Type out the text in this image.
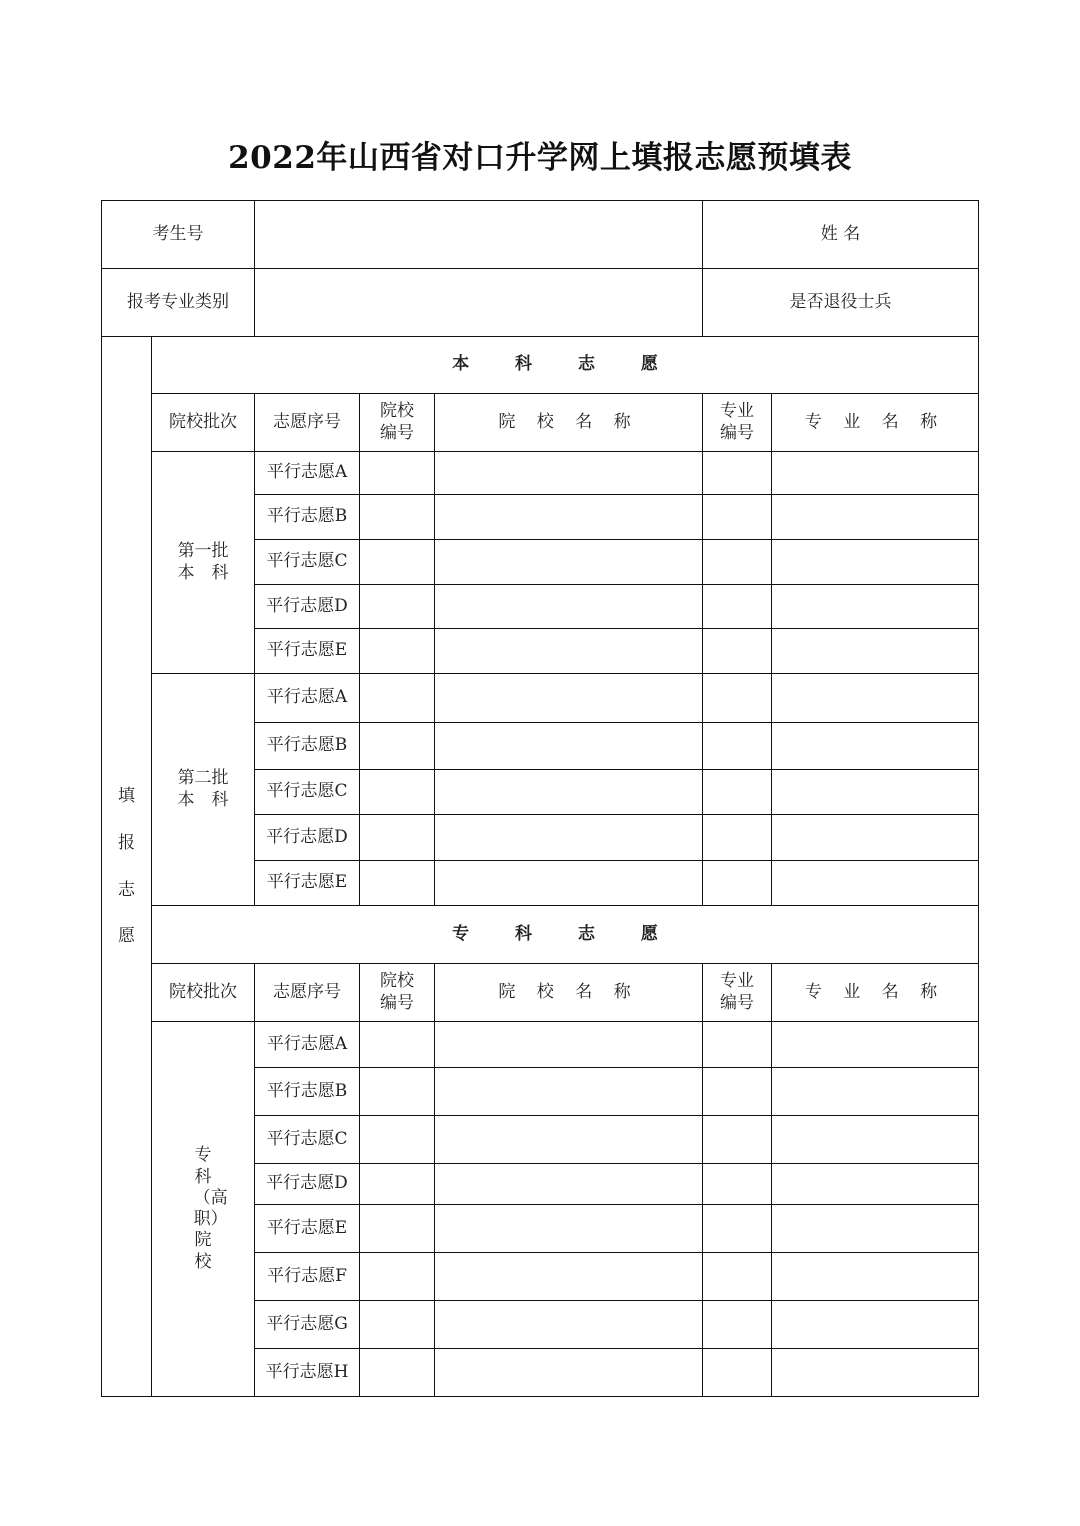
2022年山西省对口升学网上填报志愿预填表
考生号					姓 名	
报考专业类别					是否退役士兵	
填报志愿	本 科 志 愿					
	院校批次	志愿序号	院校编号	院 校 名 称	专业编号	专 业 名 称
	第一批本　科	平行志愿A				
		平行志愿B				
		平行志愿C				
		平行志愿D				
		平行志愿E				
	第二批本　科	平行志愿A				
		平行志愿B				
		平行志愿C				
		平行志愿D				
		平行志愿E				
	专 科 志 愿					
	院校批次	志愿序号	院校编号	院 校 名 称	专业编号	专 业 名 称
	专科（高职）院校	平行志愿A				
		平行志愿B				
		平行志愿C				
		平行志愿D				
		平行志愿E				
		平行志愿F				
		平行志愿G				
		平行志愿H				
